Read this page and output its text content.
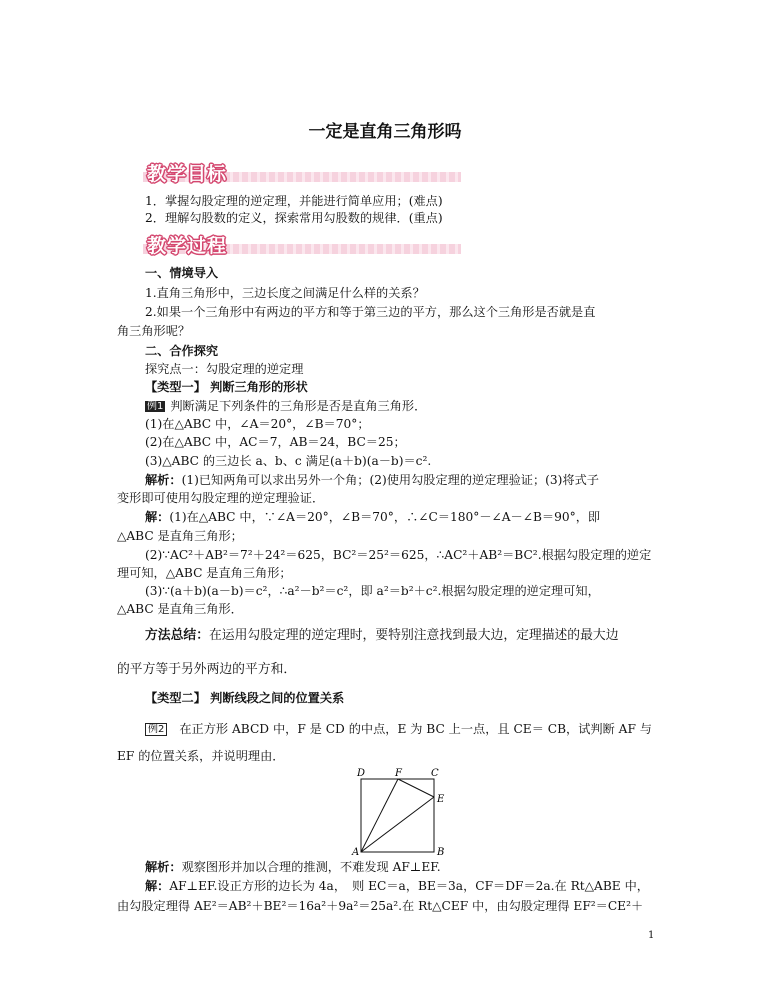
一定是直角三角形吗
教学目标
1．掌握勾股定理的逆定理，并能进行简单应用；(难点)
2．理解勾股数的定义，探索常用勾股数的规律．(重点)
教学过程
一、情境导入
1.直角三角形中，三边长度之间满足什么样的关系？
2.如果一个三角形中有两边的平方和等于第三边的平方，那么这个三角形是否就是直
角三角形呢？
二、合作探究
探究点一：勾股定理的逆定理
【类型一】 判断三角形的形状
例1 判断满足下列条件的三角形是否是直角三角形．
(1)在△ABC 中，∠A＝20°，∠B＝70°；
(2)在△ABC 中，AC＝7，AB＝24，BC＝25；
(3)△ABC 的三边长 a、b、c 满足(a＋b)(a－b)＝c².
解析：(1)已知两角可以求出另外一个角；(2)使用勾股定理的逆定理验证；(3)将式子
变形即可使用勾股定理的逆定理验证．
解：(1)在△ABC 中，∵∠A＝20°，∠B＝70°，∴∠C＝180°－∠A－∠B＝90°，即
△ABC 是直角三角形；
(2)∵AC²＋AB²＝7²＋24²＝625，BC²＝25²＝625，∴AC²＋AB²＝BC².根据勾股定理的逆定
理可知，△ABC 是直角三角形；
(3)∵(a＋b)(a－b)＝c²，∴a²－b²＝c²，即 a²＝b²＋c².根据勾股定理的逆定理可知，
△ABC 是直角三角形．
方法总结：在运用勾股定理的逆定理时，要特别注意找到最大边，定理描述的最大边
的平方等于另外两边的平方和．
【类型二】 判断线段之间的位置关系
例2 在正方形 ABCD 中，F 是 CD 的中点，E 为 BC 上一点，且 CE＝ CB，试判断 AF 与
EF 的位置关系，并说明理由．
D	F	C
E
A	B
解析：观察图形并加以合理的推测，不难发现 AF⊥EF.
解：AF⊥EF.设正方形的边长为 4a，　则 EC＝a，BE＝3a，CF＝DF＝2a.在 Rt△ABE 中，
由勾股定理得 AE²＝AB²＋BE²＝16a²＋9a²＝25a².在 Rt△CEF 中，由勾股定理得 EF²＝CE²＋
1
